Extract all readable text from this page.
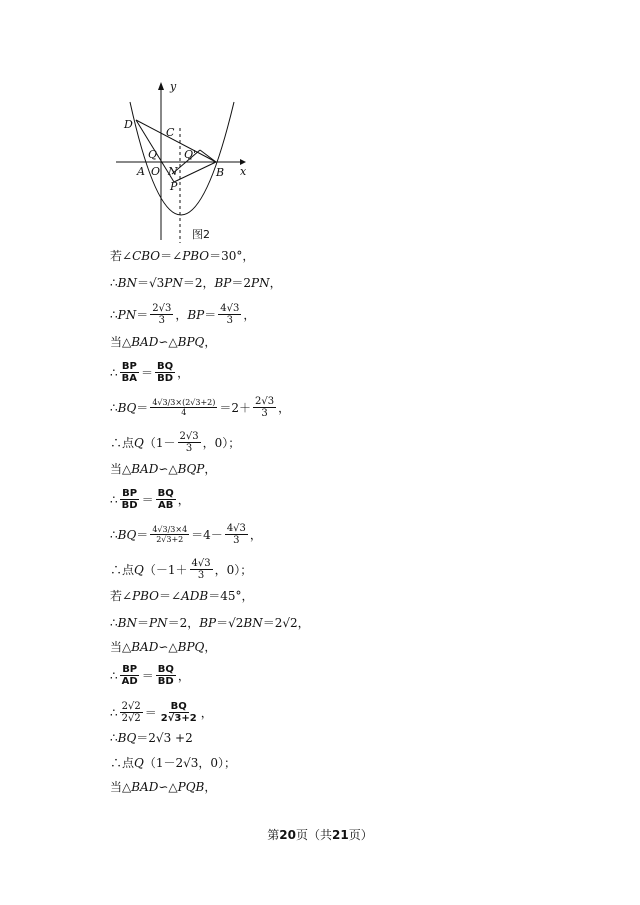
y
x
D
C
Q Q'
A O N	B
P
图2
若∠ CBO ＝∠ PBO ＝30°，
∴ BN ＝√3 PN ＝2， BP ＝2 PN ，
∴ PN ＝ $\frac{2√3}{3}$ ， BP ＝ $\frac{4√3}{3}$ ，
当△ BAD ∽△ BPQ ，
∴ $\frac{BP}{BA} = \frac{BQ}{BD}$ ，
∴ BQ ＝ $\frac{4√3/3\times(2√3+2)}{4} =2+ \frac{2√3}{3}$ ，
∴点 Q （$1- \frac{2√3}{3}$ ，0）；
当△ BAD ∽△ BQP ，
∴ $\frac{BP}{BD} = \frac{BQ}{AB}$ ，
∴ BQ ＝ $\frac{4√3/3\times 4}{2√3+2} =4- \frac{4√3}{3}$ ，
∴点 Q （$-1+ \frac{4√3}{3}$ ，0）；
若∠ PBO ＝∠ ADB ＝45°，
∴ BN ＝ PN ＝2， BP ＝√2 BN ＝2√2，
当△ BAD ∽△ BPQ ，
∴ $\frac{BP}{AD} = \frac{BQ}{BD}$ ，
∴ $\frac{2√2}{2√2} = \frac{BQ}{2√3+2}$ ，
∴ BQ ＝2√3 +2
∴点 Q （1－2√3，0）；
当△ BAD ∽△ PQB ，
第20页（共21页）
